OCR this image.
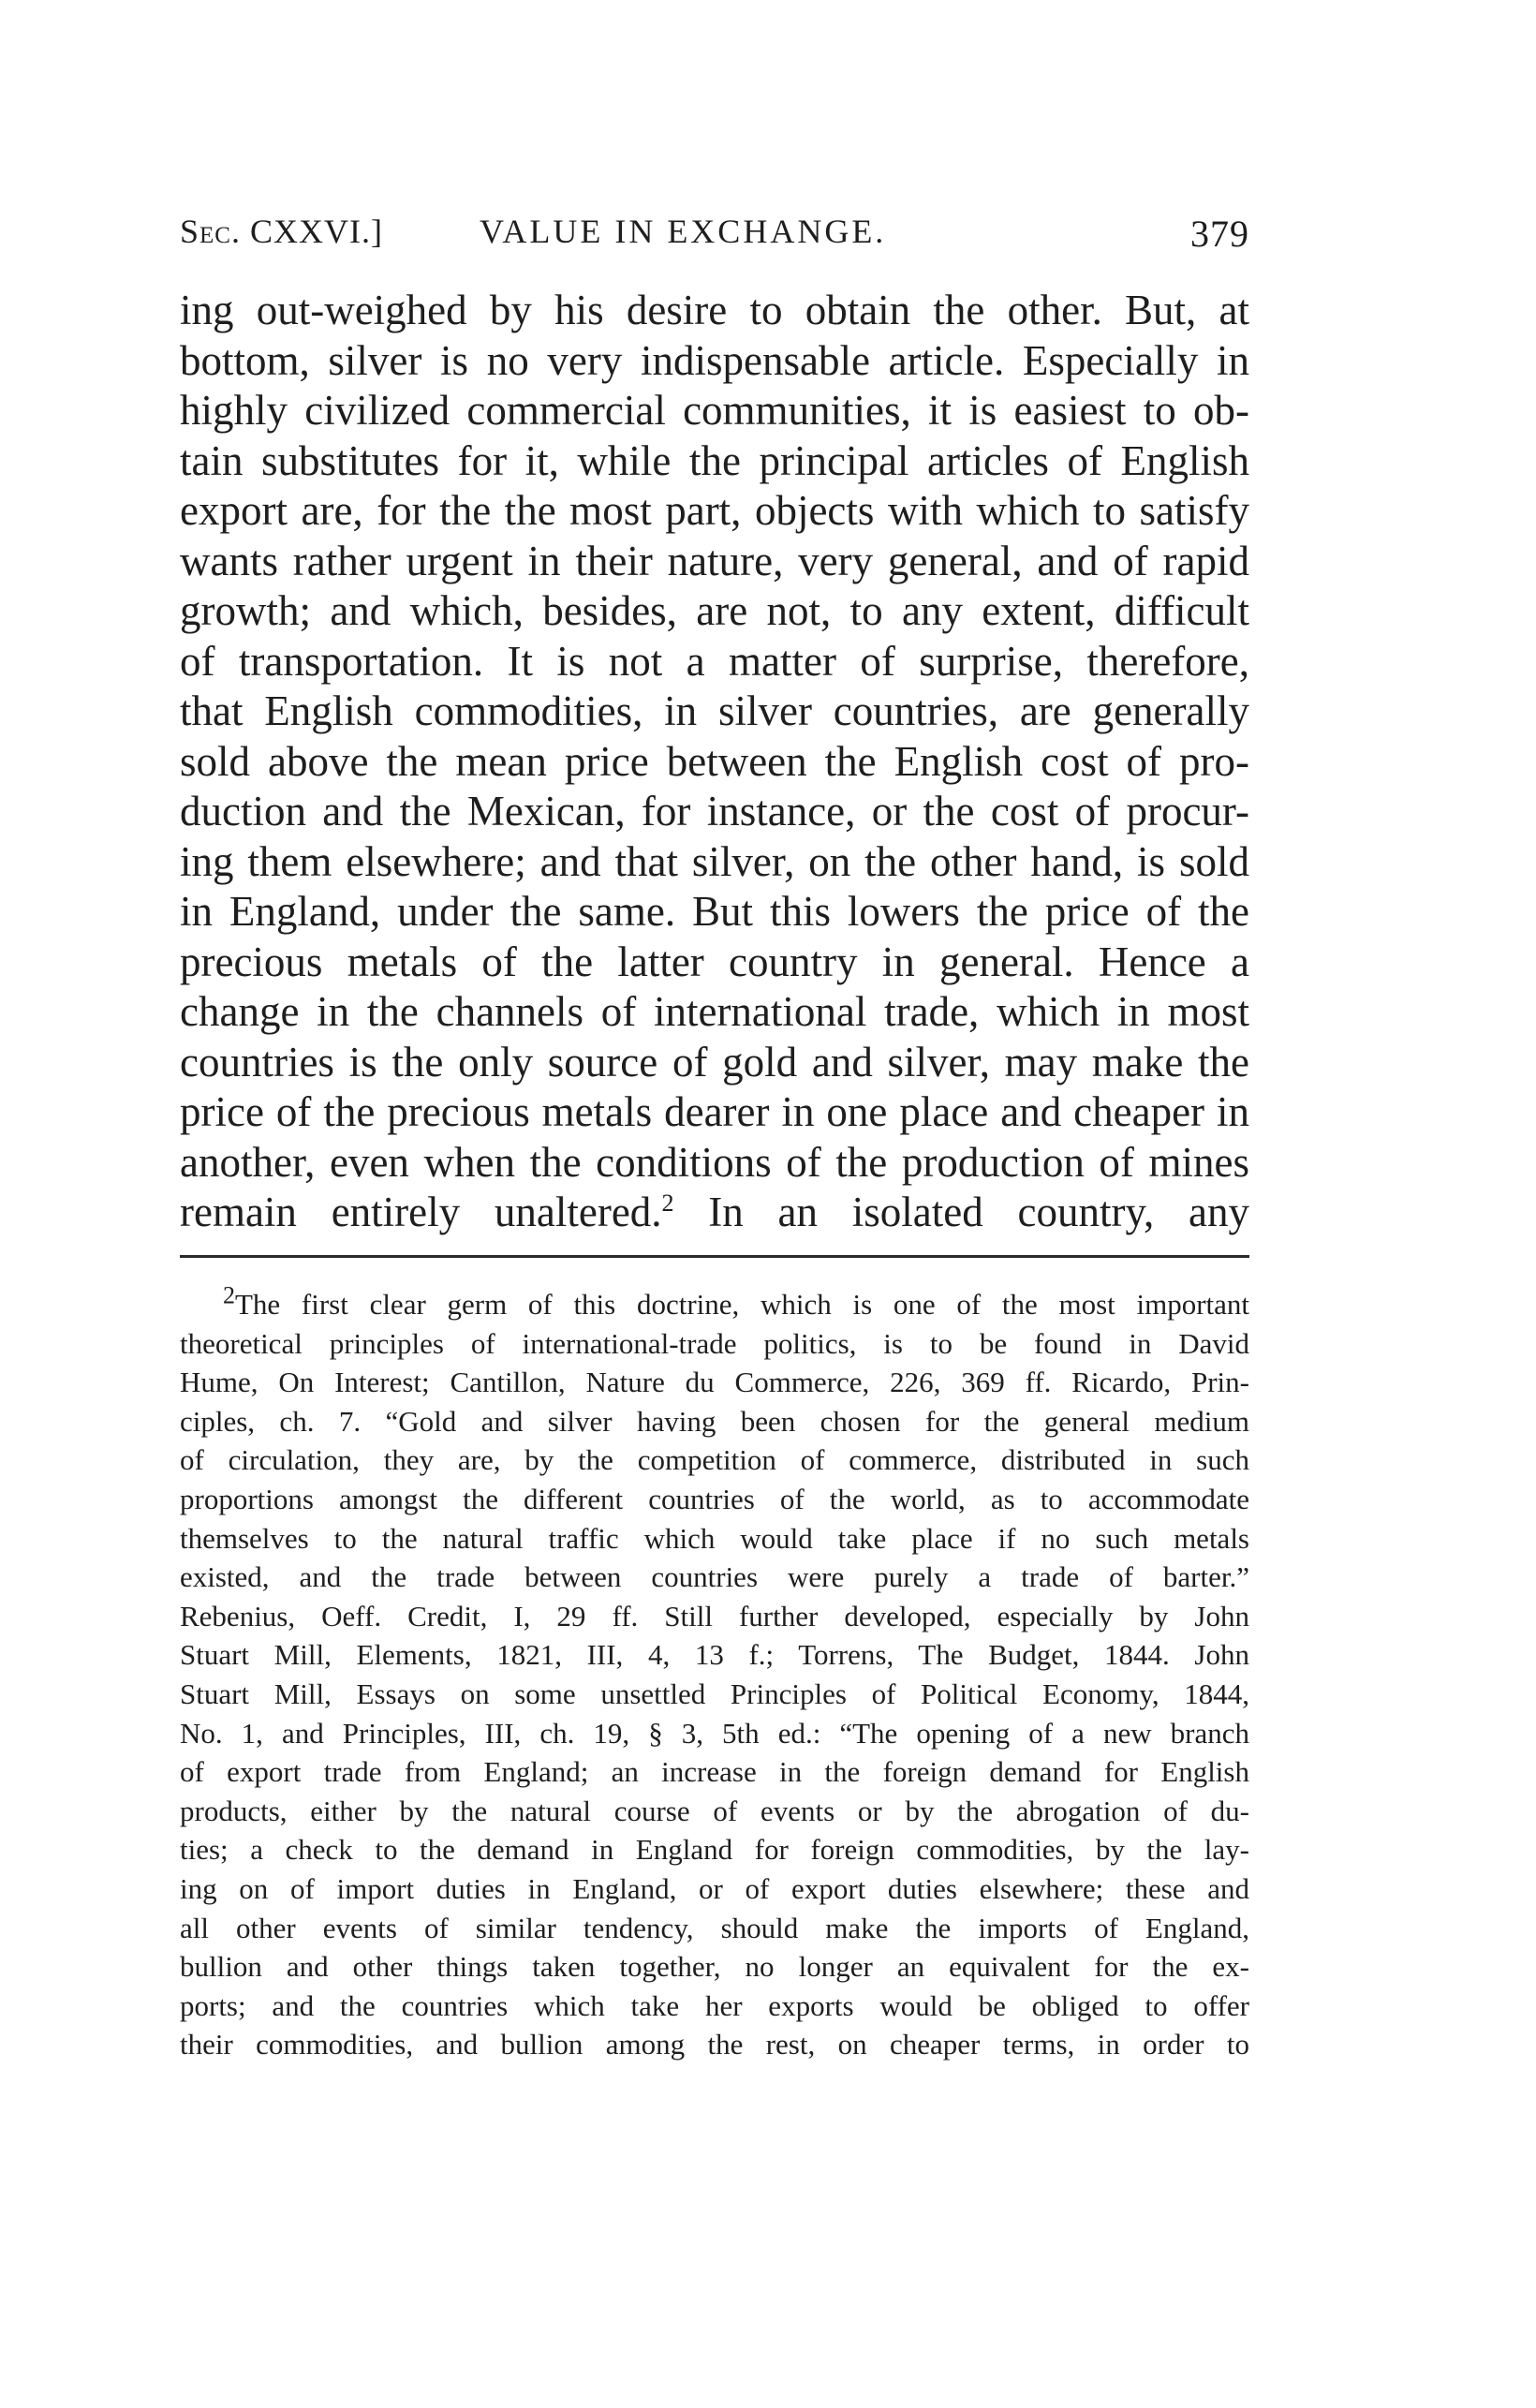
Sec. CXXVI.]	VALUE IN EXCHANGE.	379
ing out-weighed by his desire to obtain the other. But, at
bottom, silver is no very indispensable article. Especially in
highly civilized commercial communities, it is easiest to ob-
tain substitutes for it, while the principal articles of English
export are, for the the most part, objects with which to satisfy
wants rather urgent in their nature, very general, and of rapid
growth; and which, besides, are not, to any extent, difficult
of transportation. It is not a matter of surprise, therefore,
that English commodities, in silver countries, are generally
sold above the mean price between the English cost of pro-
duction and the Mexican, for instance, or the cost of procur-
ing them elsewhere; and that silver, on the other hand, is sold
in England, under the same. But this lowers the price of the
precious metals of the latter country in general. Hence a
change in the channels of international trade, which in most
countries is the only source of gold and silver, may make the
price of the precious metals dearer in one place and cheaper in
another, even when the conditions of the production of mines
remain entirely unaltered.$^2$ In an isolated country, any
$^2$The first clear germ of this doctrine, which is one of the most important
theoretical principles of international-trade politics, is to be found in David
Hume, On Interest; Cantillon, Nature du Commerce, 226, 369 ff. Ricardo, Prin-
ciples, ch. 7. “Gold and silver having been chosen for the general medium
of circulation, they are, by the competition of commerce, distributed in such
proportions amongst the different countries of the world, as to accommodate
themselves to the natural traffic which would take place if no such metals
existed, and the trade between countries were purely a trade of barter.”
Rebenius, Oeff. Credit, I, 29 ff. Still further developed, especially by John
Stuart Mill, Elements, 1821, III, 4, 13 f.; Torrens, The Budget, 1844. John
Stuart Mill, Essays on some unsettled Principles of Political Economy, 1844,
No. 1, and Principles, III, ch. 19, § 3, 5th ed.: “The opening of a new branch
of export trade from England; an increase in the foreign demand for English
products, either by the natural course of events or by the abrogation of du-
ties; a check to the demand in England for foreign commodities, by the lay-
ing on of import duties in England, or of export duties elsewhere; these and
all other events of similar tendency, should make the imports of England,
bullion and other things taken together, no longer an equivalent for the ex-
ports; and the countries which take her exports would be obliged to offer
their commodities, and bullion among the rest, on cheaper terms, in order to
